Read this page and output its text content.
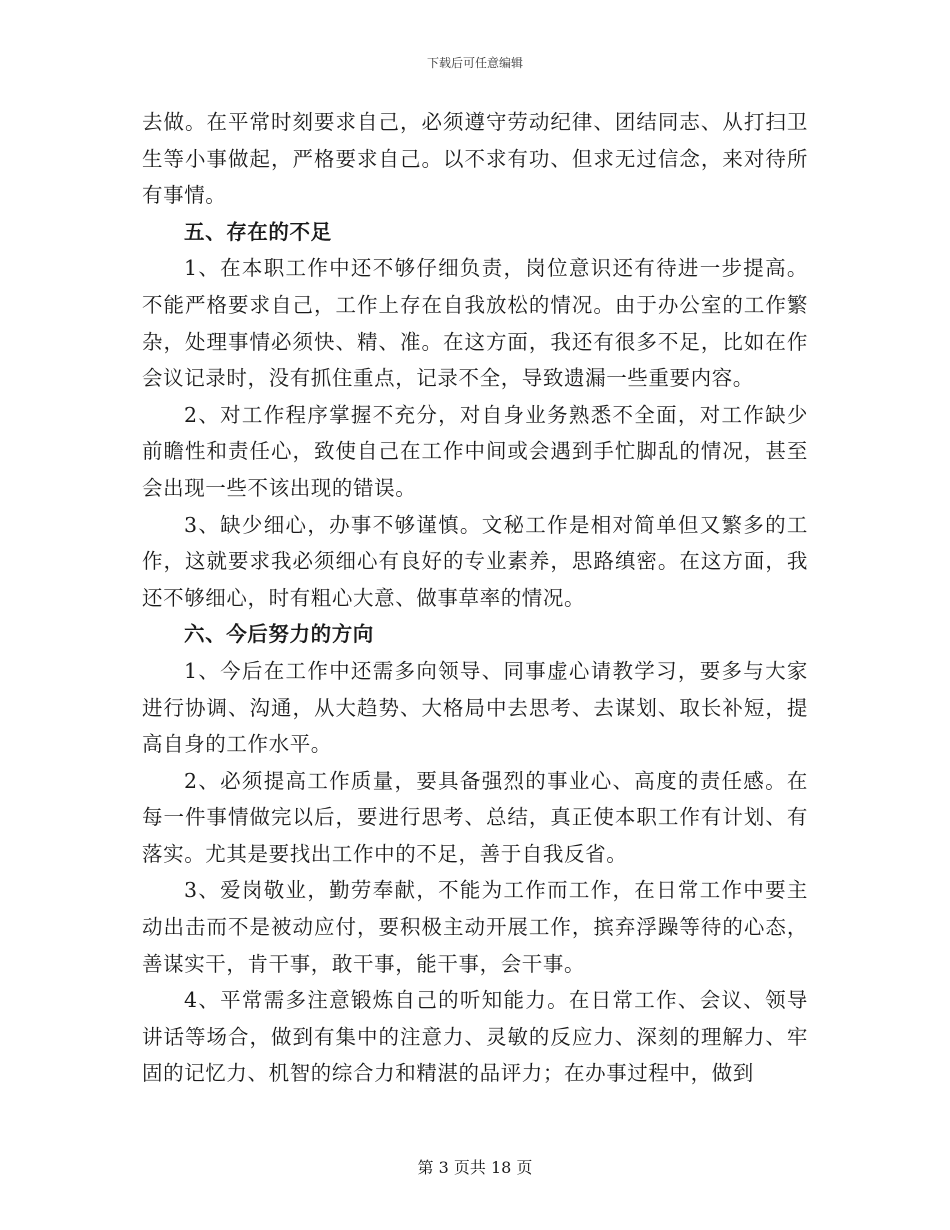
下载后可任意编辑

去做。在平常时刻要求自己，必须遵守劳动纪律、团结同志、从打扫卫生等小事做起，严格要求自己。以不求有功、但求无过信念，来对待所有事情。

五、存在的不足

1、在本职工作中还不够仔细负责，岗位意识还有待进一步提高。不能严格要求自己，工作上存在自我放松的情况。由于办公室的工作繁杂，处理事情必须快、精、准。在这方面，我还有很多不足，比如在作会议记录时，没有抓住重点，记录不全，导致遗漏一些重要内容。

2、对工作程序掌握不充分，对自身业务熟悉不全面，对工作缺少前瞻性和责任心，致使自己在工作中间或会遇到手忙脚乱的情况，甚至会出现一些不该出现的错误。

3、缺少细心，办事不够谨慎。文秘工作是相对简单但又繁多的工作，这就要求我必须细心有良好的专业素养，思路缜密。在这方面，我还不够细心，时有粗心大意、做事草率的情况。

六、今后努力的方向

1、今后在工作中还需多向领导、同事虚心请教学习，要多与大家进行协调、沟通，从大趋势、大格局中去思考、去谋划、取长补短，提高自身的工作水平。

2、必须提高工作质量，要具备强烈的事业心、高度的责任感。在每一件事情做完以后，要进行思考、总结，真正使本职工作有计划、有落实。尤其是要找出工作中的不足，善于自我反省。

3、爱岗敬业，勤劳奉献，不能为工作而工作，在日常工作中要主动出击而不是被动应付，要积极主动开展工作，摈弃浮躁等待的心态，善谋实干，肯干事，敢干事，能干事，会干事。

4、平常需多注意锻炼自己的听知能力。在日常工作、会议、领导讲话等场合，做到有集中的注意力、灵敏的反应力、深刻的理解力、牢固的记忆力、机智的综合力和精湛的品评力；在办事过程中，做到

第 3 页共 18 页
